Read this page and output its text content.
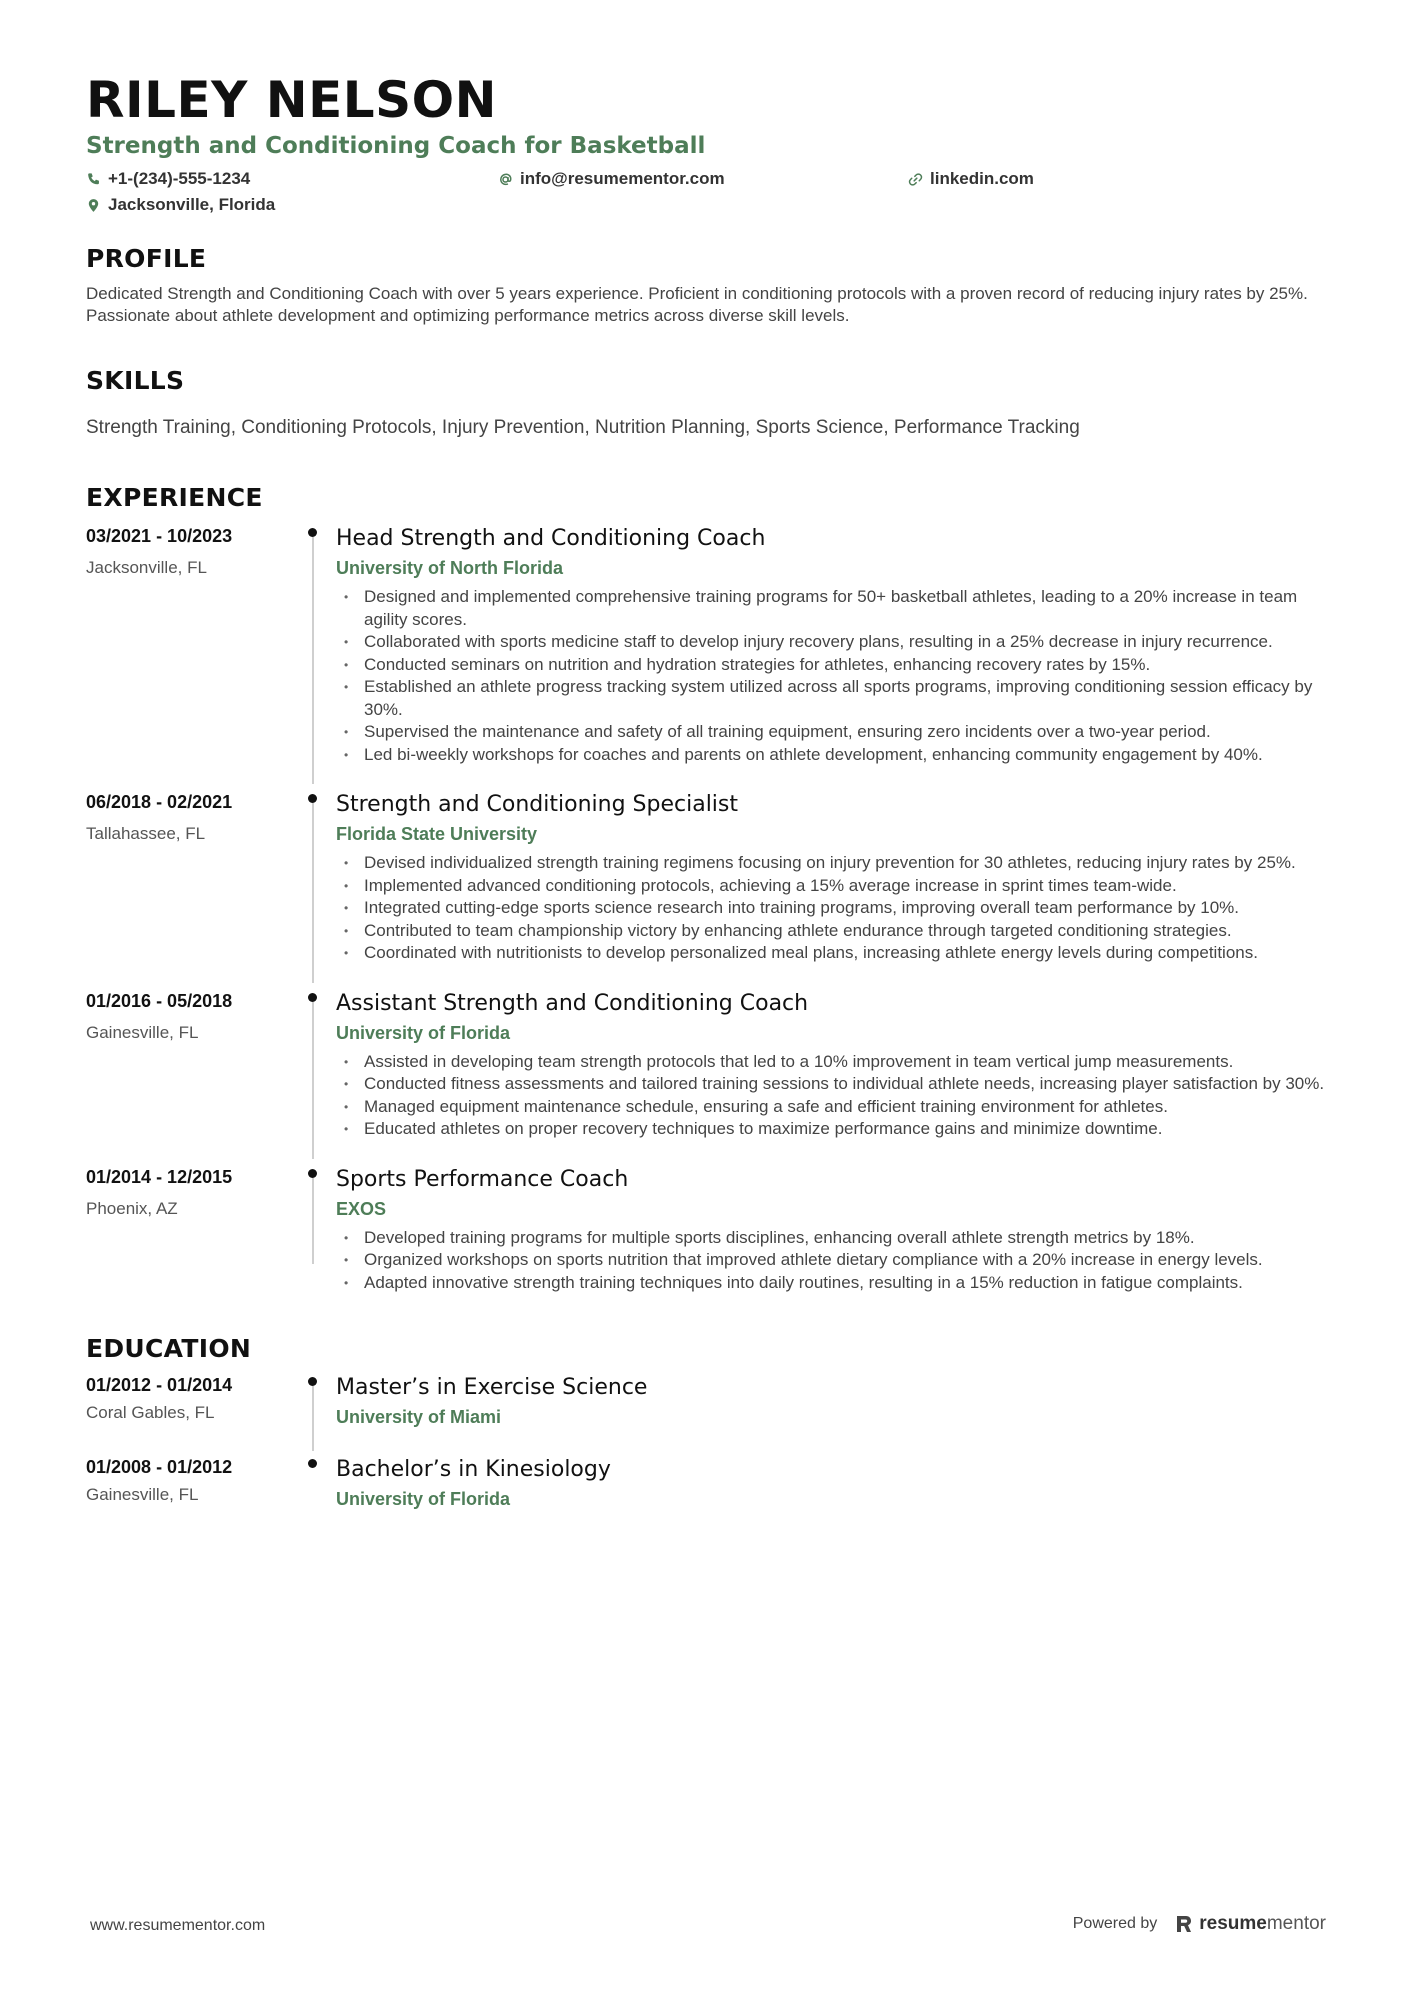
RILEY NELSON
Strength and Conditioning Coach for Basketball
+1-(234)-555-1234	info@resumementor.com	linkedin.com
Jacksonville, Florida
PROFILE
Dedicated Strength and Conditioning Coach with over 5 years experience. Proficient in conditioning protocols with a proven record of reducing injury rates by 25%. Passionate about athlete development and optimizing performance metrics across diverse skill levels.
SKILLS
Strength Training, Conditioning Protocols, Injury Prevention, Nutrition Planning, Sports Science, Performance Tracking
EXPERIENCE
03/2021 - 10/2023
Jacksonville, FL
Head Strength and Conditioning Coach
University of North Florida
• Designed and implemented comprehensive training programs for 50+ basketball athletes, leading to a 20% increase in team agility scores.
• Collaborated with sports medicine staff to develop injury recovery plans, resulting in a 25% decrease in injury recurrence.
• Conducted seminars on nutrition and hydration strategies for athletes, enhancing recovery rates by 15%.
• Established an athlete progress tracking system utilized across all sports programs, improving conditioning session efficacy by 30%.
• Supervised the maintenance and safety of all training equipment, ensuring zero incidents over a two-year period.
• Led bi-weekly workshops for coaches and parents on athlete development, enhancing community engagement by 40%.
06/2018 - 02/2021
Tallahassee, FL
Strength and Conditioning Specialist
Florida State University
• Devised individualized strength training regimens focusing on injury prevention for 30 athletes, reducing injury rates by 25%.
• Implemented advanced conditioning protocols, achieving a 15% average increase in sprint times team-wide.
• Integrated cutting-edge sports science research into training programs, improving overall team performance by 10%.
• Contributed to team championship victory by enhancing athlete endurance through targeted conditioning strategies.
• Coordinated with nutritionists to develop personalized meal plans, increasing athlete energy levels during competitions.
01/2016 - 05/2018
Gainesville, FL
Assistant Strength and Conditioning Coach
University of Florida
• Assisted in developing team strength protocols that led to a 10% improvement in team vertical jump measurements.
• Conducted fitness assessments and tailored training sessions to individual athlete needs, increasing player satisfaction by 30%.
• Managed equipment maintenance schedule, ensuring a safe and efficient training environment for athletes.
• Educated athletes on proper recovery techniques to maximize performance gains and minimize downtime.
01/2014 - 12/2015
Phoenix, AZ
Sports Performance Coach
EXOS
• Developed training programs for multiple sports disciplines, enhancing overall athlete strength metrics by 18%.
• Organized workshops on sports nutrition that improved athlete dietary compliance with a 20% increase in energy levels.
• Adapted innovative strength training techniques into daily routines, resulting in a 15% reduction in fatigue complaints.
EDUCATION
01/2012 - 01/2014
Coral Gables, FL
Master’s in Exercise Science
University of Miami
01/2008 - 01/2012
Gainesville, FL
Bachelor’s in Kinesiology
University of Florida
www.resumementor.com	Powered by resumementor
